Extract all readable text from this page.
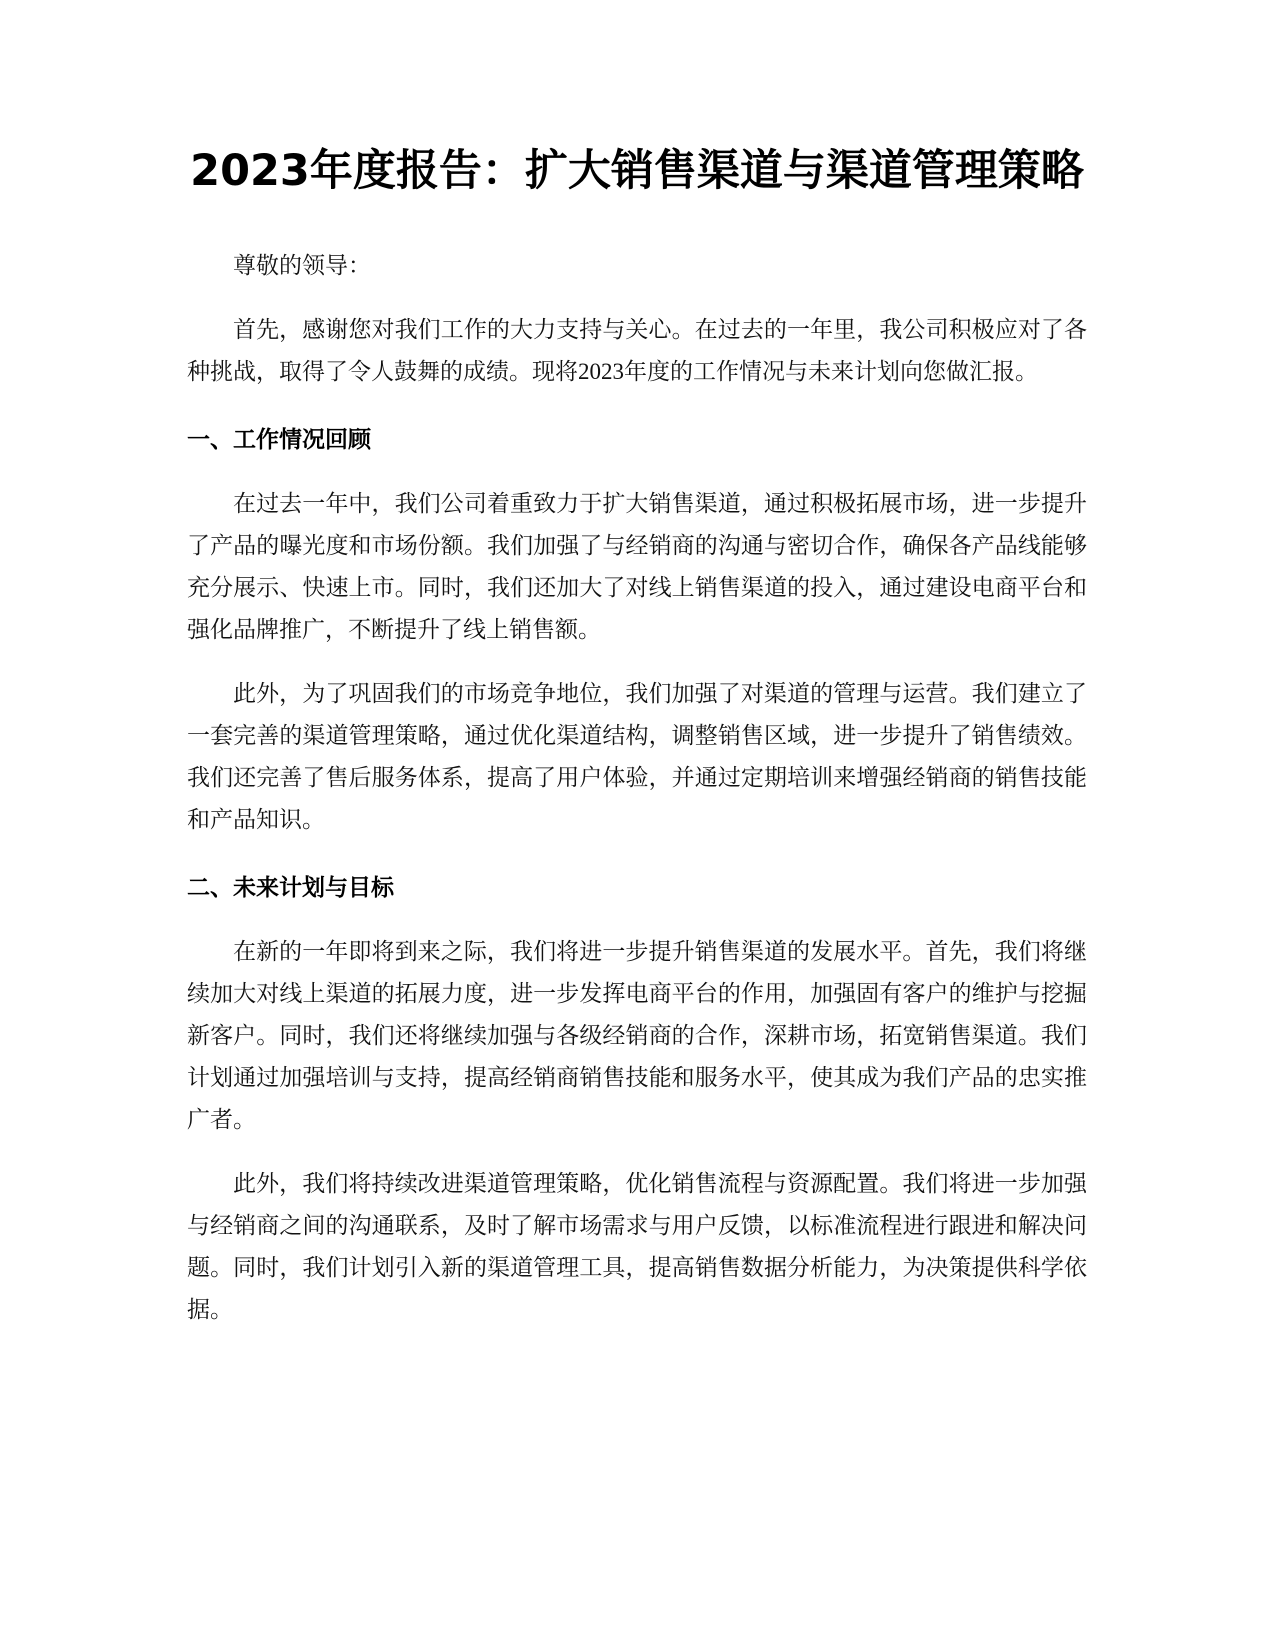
2023年度报告：扩大销售渠道与渠道管理策略

尊敬的领导：

首先，感谢您对我们工作的大力支持与关心。在过去的一年里，我公司积极应对了各种挑战，取得了令人鼓舞的成绩。现将2023年度的工作情况与未来计划向您做汇报。

一、工作情况回顾

在过去一年中，我们公司着重致力于扩大销售渠道，通过积极拓展市场，进一步提升了产品的曝光度和市场份额。我们加强了与经销商的沟通与密切合作，确保各产品线能够充分展示、快速上市。同时，我们还加大了对线上销售渠道的投入，通过建设电商平台和强化品牌推广，不断提升了线上销售额。

此外，为了巩固我们的市场竞争地位，我们加强了对渠道的管理与运营。我们建立了一套完善的渠道管理策略，通过优化渠道结构，调整销售区域，进一步提升了销售绩效。我们还完善了售后服务体系，提高了用户体验，并通过定期培训来增强经销商的销售技能和产品知识。

二、未来计划与目标

在新的一年即将到来之际，我们将进一步提升销售渠道的发展水平。首先，我们将继续加大对线上渠道的拓展力度，进一步发挥电商平台的作用，加强固有客户的维护与挖掘新客户。同时，我们还将继续加强与各级经销商的合作，深耕市场，拓宽销售渠道。我们计划通过加强培训与支持，提高经销商销售技能和服务水平，使其成为我们产品的忠实推广者。

此外，我们将持续改进渠道管理策略，优化销售流程与资源配置。我们将进一步加强与经销商之间的沟通联系，及时了解市场需求与用户反馈，以标准流程进行跟进和解决问题。同时，我们计划引入新的渠道管理工具，提高销售数据分析能力，为决策提供科学依据。
